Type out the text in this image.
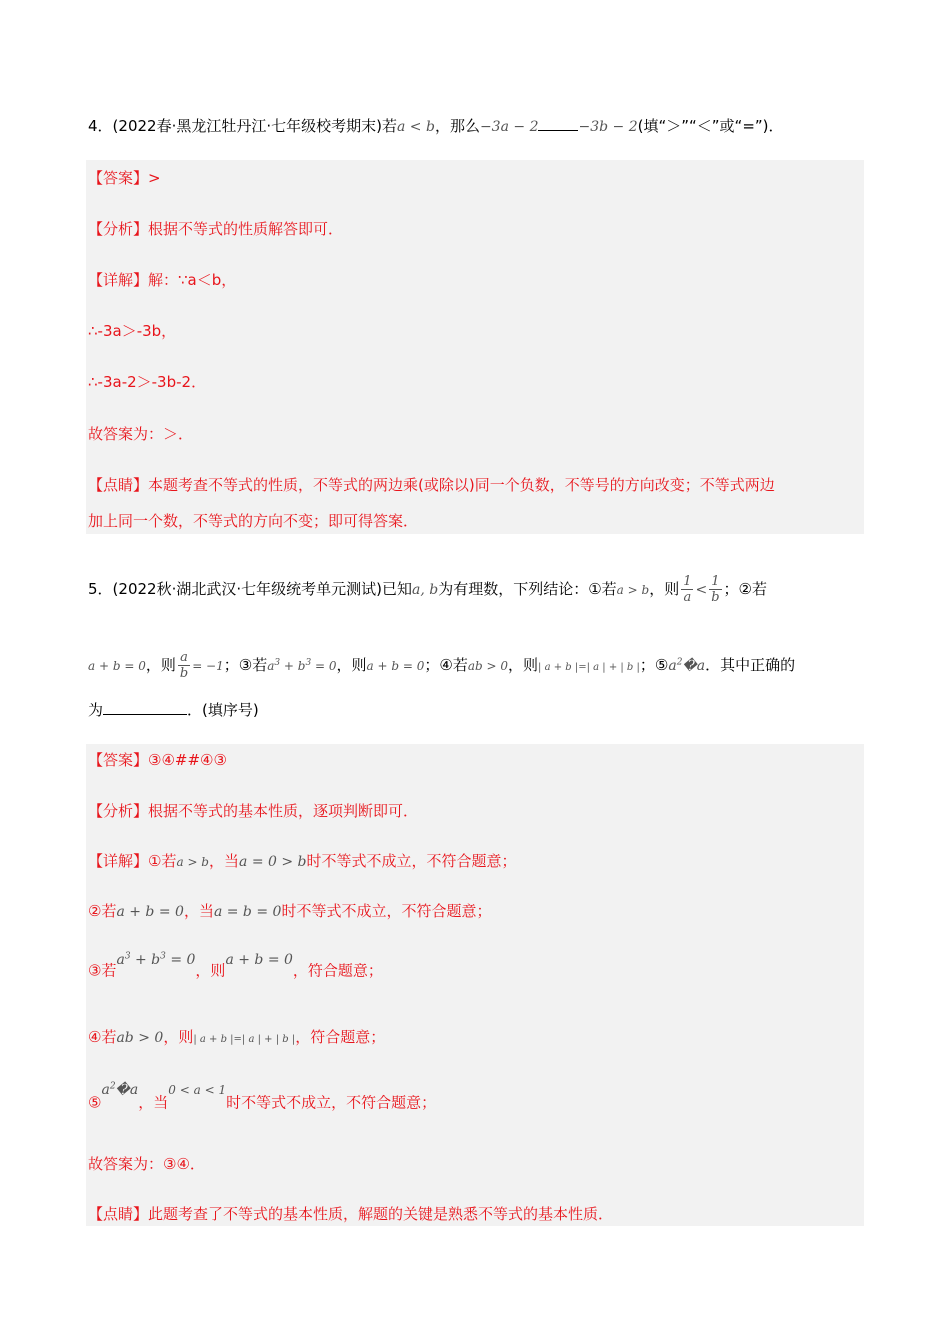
4．(2022春·黑龙江牡丹江·七年级校考期末)若a < b，那么−3a − 2	−3b − 2(填“＞”“＜”或“=”)．
【答案】>
【分析】根据不等式的性质解答即可．
【详解】解：∵a＜b，
∴-3a＞-3b，
∴-3a-2＞-3b-2．
故答案为：＞．
【点睛】本题考查不等式的性质，不等式的两边乘(或除以)同一个负数，不等号的方向改变；不等式两边
加上同一个数，不等式的方向不变；即可得答案．
5．(2022秋·湖北武汉·七年级统考单元测试)已知a, b为有理数，下列结论：①若a > b，则 $\frac{1}{a} < \frac{1}{b}$ ；②若
a + b = 0，则 $\frac{a}{b} = -1$；③若$a^3 + b^3 = 0$，则a + b = 0；④若ab > 0，则| a + b |=| a | + | b |；$⑤a^2�a$．其中正确的
为	．(填序号)
【答案】③④##④③
【分析】根据不等式的基本性质，逐项判断即可．
【详解】①若a > b，当a = 0 > b时不等式不成立，不符合题意；
②若a + b = 0，当a = b = 0时不等式不成立，不符合题意；
③若$a^3 + b^3 = 0$，则a + b = 0，符合题意；
④若ab > 0，则| a + b |=| a | + | b |，符合题意；
$⑤a^2�a$，当$^{0 < a < 1}$时不等式不成立，不符合题意；
故答案为：③④．
【点睛】此题考查了不等式的基本性质，解题的关键是熟悉不等式的基本性质．
